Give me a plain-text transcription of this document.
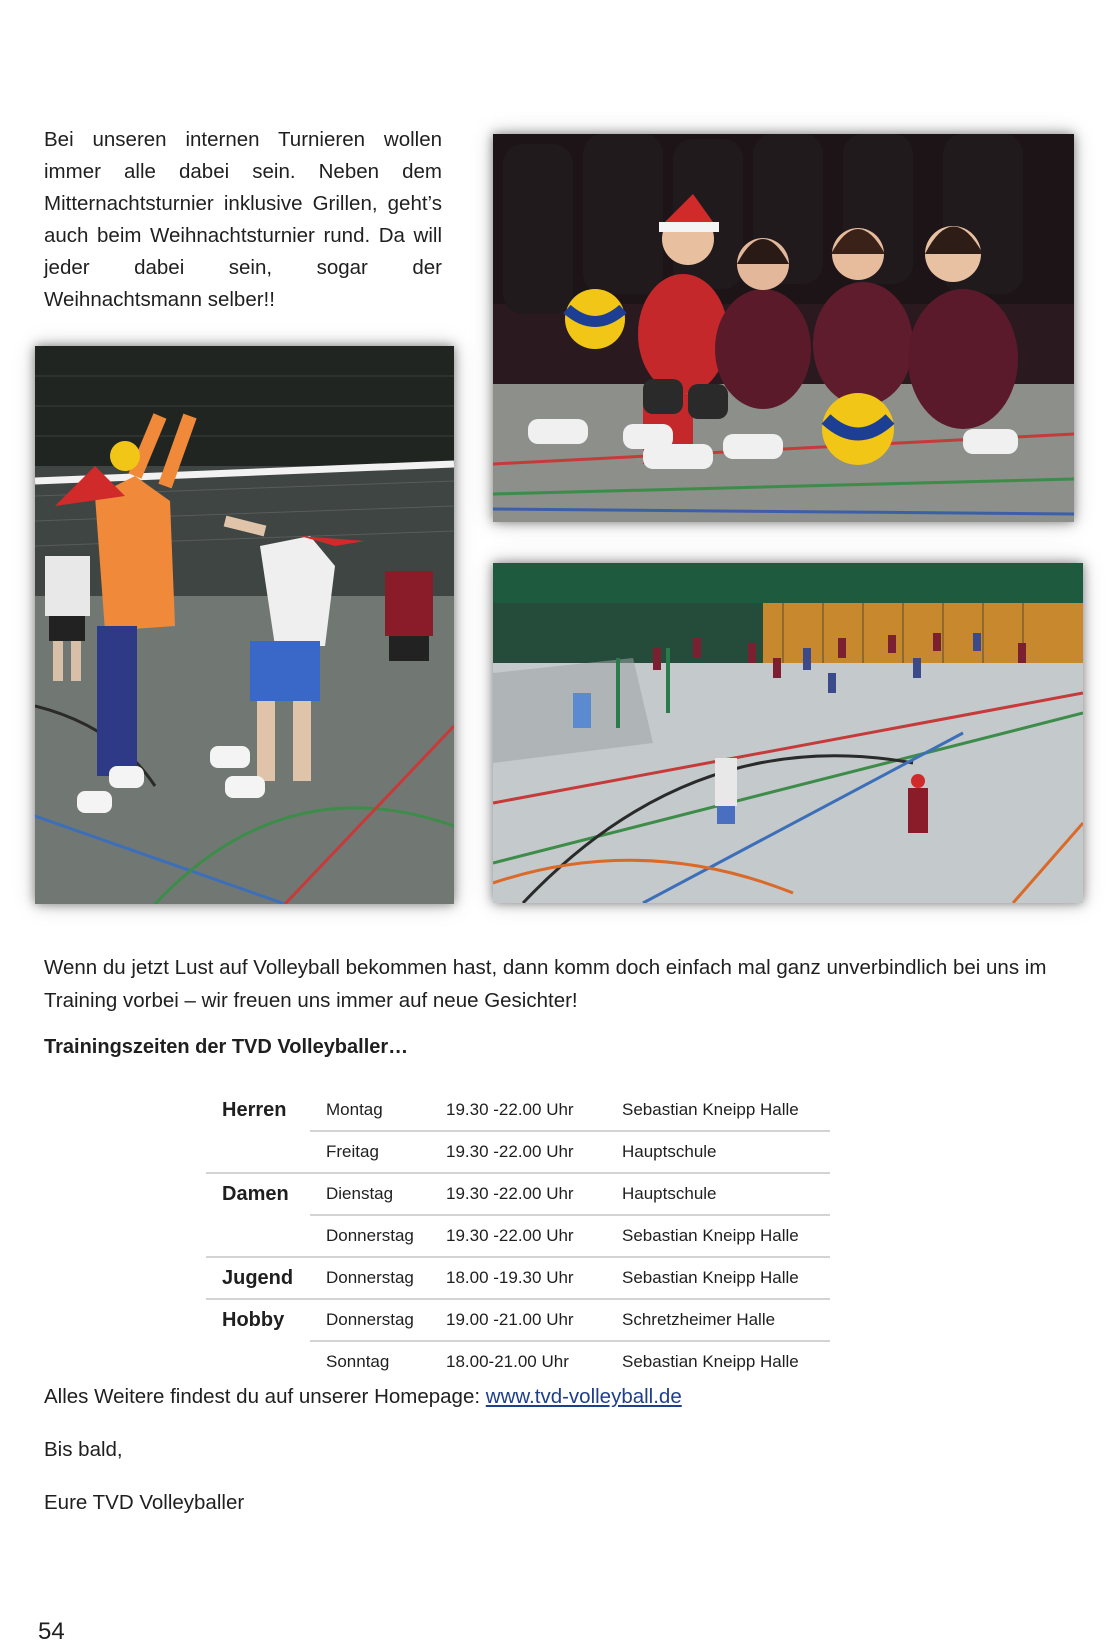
Bei unseren internen Turnieren wollen immer alle dabei sein. Neben dem Mitternachtsturnier inklusive Grillen, geht’s auch beim Weihnachtsturnier rund. Da will jeder dabei sein, sogar der Weihnachtsmann selber!!

Wenn du jetzt Lust auf Volleyball bekommen hast, dann komm doch einfach mal ganz unverbindlich bei uns im Training vorbei – wir freuen uns immer auf neue Gesichter!

Trainingszeiten der TVD Volleyballer…

Herren	Montag	19.30 -22.00 Uhr	Sebastian Kneipp Halle
	Freitag	19.30 -22.00 Uhr	Hauptschule
Damen	Dienstag	19.30 -22.00 Uhr	Hauptschule
	Donnerstag	19.30 -22.00 Uhr	Sebastian Kneipp Halle
Jugend	Donnerstag	18.00 -19.30 Uhr	Sebastian Kneipp Halle
Hobby	Donnerstag	19.00 -21.00 Uhr	Schretzheimer Halle
	Sonntag	18.00-21.00 Uhr	Sebastian Kneipp Halle

Alles Weitere findest du auf unserer Homepage: www.tvd-volleyball.de

Bis bald,

Eure TVD Volleyballer

54
